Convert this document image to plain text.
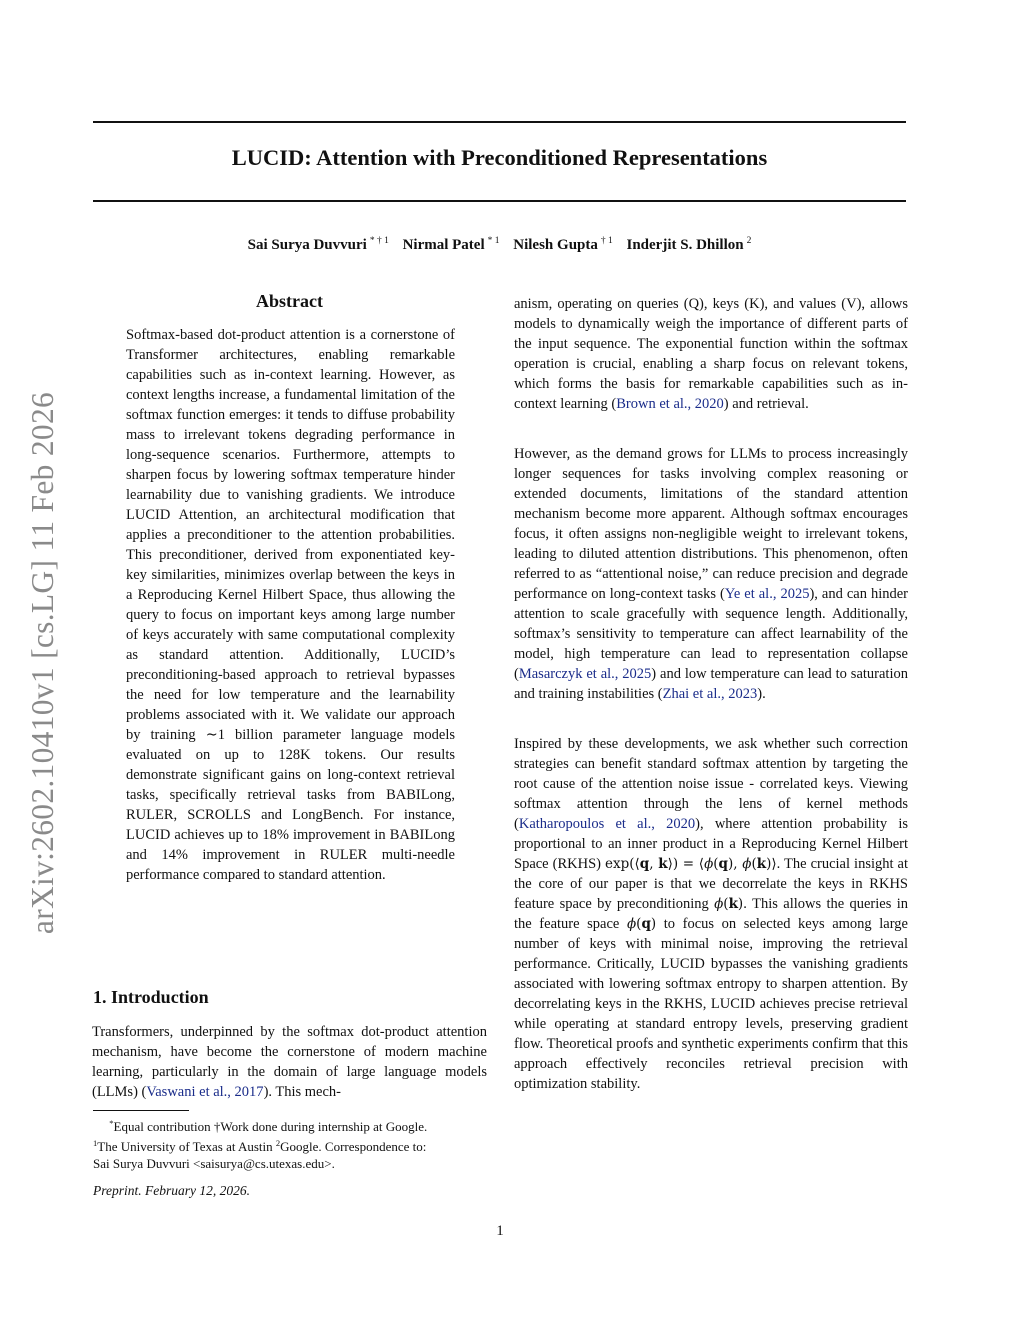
LUCID: Attention with Preconditioned Representations
Sai Surya Duvvuri $^{* \dagger 1}$ Nirmal Patel $^{* 1}$ Nilesh Gupta $^{\dagger 1}$ Inderjit S. Dhillon $^2$
arXiv:2602.10410v1 [cs.LG] 11 Feb 2026
Abstract

Softmax-based dot-product attention is a cornerstone of Transformer architectures, enabling remarkable capabilities such as in-context learning. However, as context lengths increase, a fundamental limitation of the softmax function emerges: it tends to diffuse probability mass to irrelevant tokens degrading performance in long-sequence scenarios. Furthermore, attempts to sharpen focus by lowering softmax temperature hinder learnability due to vanishing gradients. We introduce LUCID Attention, an architectural modification that applies a preconditioner to the attention probabilities. This preconditioner, derived from exponentiated key-key similarities, minimizes overlap between the keys in a Reproducing Kernel Hilbert Space, thus allowing the query to focus on important keys among large number of keys accurately with same computational complexity as standard attention. Additionally, LUCID’s preconditioning-based approach to retrieval bypasses the need for low temperature and the learnability problems associated with it. We validate our approach by training ∼1 billion parameter language models evaluated on up to 128K tokens. Our results demonstrate significant gains on long-context retrieval tasks, specifically retrieval tasks from BABILong, RULER, SCROLLS and LongBench. For instance, LUCID achieves up to 18% improvement in BABILong and 14% improvement in RULER multi-needle performance compared to standard attention.

1. Introduction

Transformers, underpinned by the softmax dot-product attention mechanism, have become the cornerstone of modern machine learning, particularly in the domain of large language models (LLMs) (Vaswani et al., 2017). This mech-

*Equal contribution †Work done during internship at Google.
$^1$The University of Texas at Austin $^2$Google. Correspondence to:
Sai Surya Duvvuri <saisurya@cs.utexas.edu>.
Preprint. February 12, 2026.

anism, operating on queries (Q), keys (K), and values (V), allows models to dynamically weigh the importance of different parts of the input sequence. The exponential function within the softmax operation is crucial, enabling a sharp focus on relevant tokens, which forms the basis for remarkable capabilities such as in-context learning (Brown et al., 2020) and retrieval.

However, as the demand grows for LLMs to process increasingly longer sequences for tasks involving complex reasoning or extended documents, limitations of the standard attention mechanism become more apparent. Although softmax encourages focus, it often assigns non-negligible weight to irrelevant tokens, leading to diluted attention distributions. This phenomenon, often referred to as “attentional noise,” can reduce precision and degrade performance on long-context tasks (Ye et al., 2025), and can hinder attention to scale gracefully with sequence length. Additionally, softmax’s sensitivity to temperature can affect learnability of the model, high temperature can lead to representation collapse (Masarczyk et al., 2025) and low temperature can lead to saturation and training instabilities (Zhai et al., 2023).

Inspired by these developments, we ask whether such correction strategies can benefit standard softmax attention by targeting the root cause of the attention noise issue - correlated keys. Viewing softmax attention through the lens of kernel methods (Katharopoulos et al., 2020), where attention probability is proportional to an inner product in a Reproducing Kernel Hilbert Space (RKHS) exp(⟨q, k⟩) = ⟨ϕ(q), ϕ(k)⟩. The crucial insight at the core of our paper is that we decorrelate the keys in RKHS feature space by preconditioning ϕ(k). This allows the queries in the feature space ϕ(q) to focus on selected keys among large number of keys with minimal noise, improving the retrieval performance. Critically, LUCID bypasses the vanishing gradients associated with lowering softmax entropy to sharpen attention. By decorrelating keys in the RKHS, LUCID achieves precise retrieval while operating at standard entropy levels, preserving gradient flow. Theoretical proofs and synthetic experiments confirm that this approach effectively reconciles retrieval precision with optimization stability.

1
